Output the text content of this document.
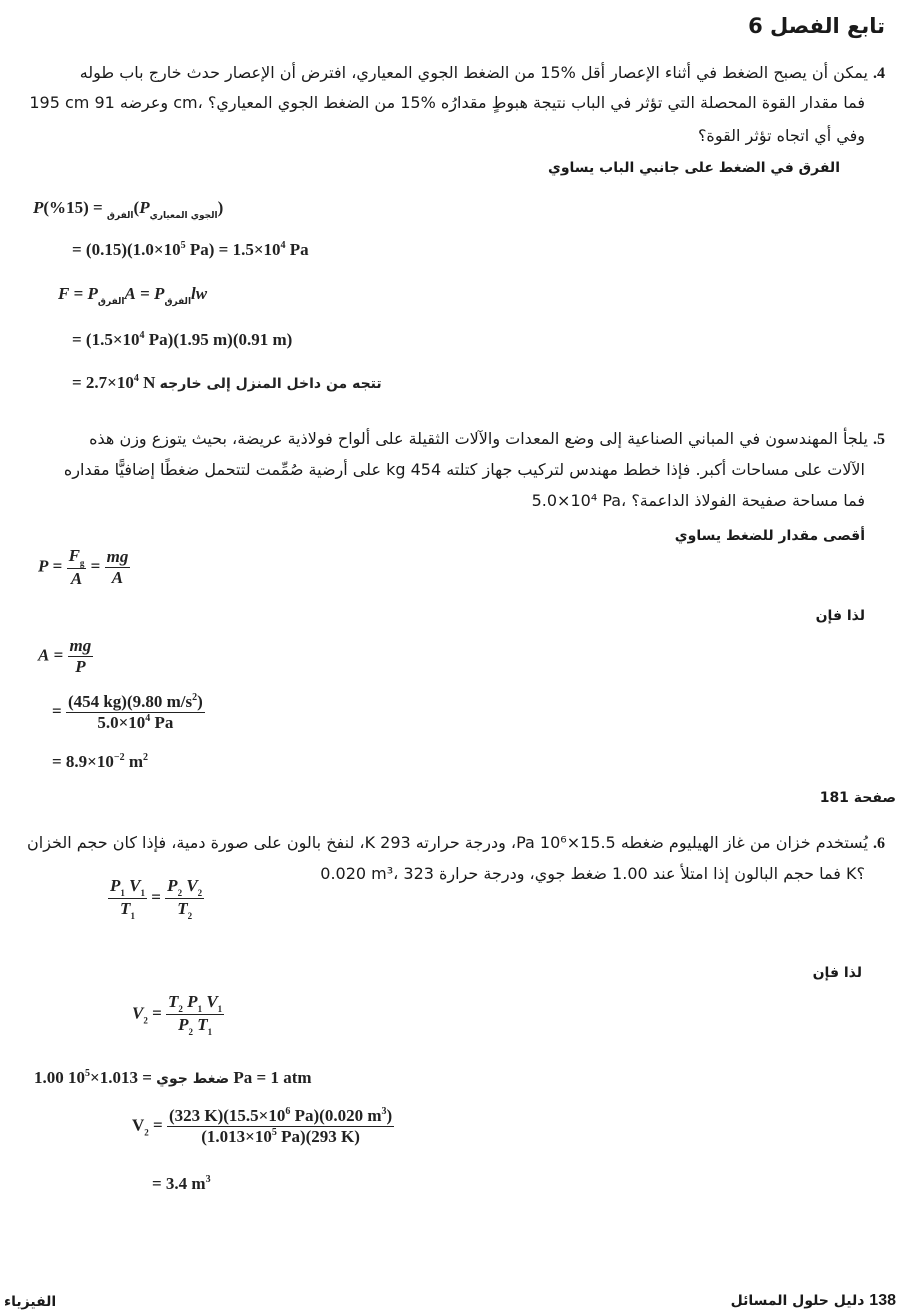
تابع الفصل 6
4. يمكن أن يصبح الضغط في أثناء الإعصار أقل %15 من الضغط الجوي المعياري، افترض أن الإعصار حدث خارج باب طوله
195 cm وعرضه 91 cm، فما مقدار القوة المحصلة التي تؤثر في الباب نتيجة هبوطٍ مقدارُه %15 من الضغط الجوي المعياري؟
وفي أي اتجاه تؤثر القوة؟
الفرق في الضغط على جانبي الباب يساوي
P	$_{الفرق} = (15\%)(P_{الجوي المعياري})$
= $(0.15)(1.0\times 10^5$ $Pa) = 1.5\times 10^4$ Pa
$F = P_{الفرق}A = P_{الفرق}lw$
= ($1.5\times 10^4$ Pa)(1.95 m)(0.91 m)
= $2.7\times 10^4$ N تتجه من داخل المنزل إلى خارجه
5. يلجأ المهندسون في المباني الصناعية إلى وضع المعدات والآلات الثقيلة على ألواح فولاذية عريضة، بحيث يتوزع وزن هذه
الآلات على مساحات أكبر. فإذا خطط مهندس لتركيب جهاز كتلته 454 kg على أرضية صُمِّمت لتتحمل ضغطًا إضافيًّا مقداره
5.0×10⁴ Pa، فما مساحة صفيحة الفولاذ الداعمة؟
أقصى مقدار للضغط يساوي
$P = \frac{F_g}{A} = \frac{mg}{A}$
لذا فإن
$A = \frac{mg}{P}$
= $\frac{(454 kg)(9.80 m/s^2)}{5.0\times 10^4 Pa}$
= $8.9\times 10^{-2}$ $m^2$
صفحة 181
6. يُستخدم خزان من غاز الهيليوم ضغطه 15.5×10⁶ Pa، ودرجة حرارته 293 K، لنفخ بالون على صورة دمية، فإذا كان حجم الخزان
0.020 m³، فما حجم البالون إذا امتلأ عند 1.00 ضغط جوي، ودرجة حرارة 323 K؟
$\frac{P_1 V_1}{T_1} = \frac{P_2 V_2}{T_2}$
لذا فإن
$V_2 = \frac{T_2 P_1 V_1}{P_2 T_1}$
1.00	ضغط جوي = $1.013\times 10^5$	Pa = 1 atm
$V_2 = \frac{(323 K)(15.5\times 10^6 Pa)(0.020 m^3)}{(1.013\times 10^5 Pa)(293 K)}$
= 3.4 $m^3$
الفيزياء	دليل حلول المسائل 138
